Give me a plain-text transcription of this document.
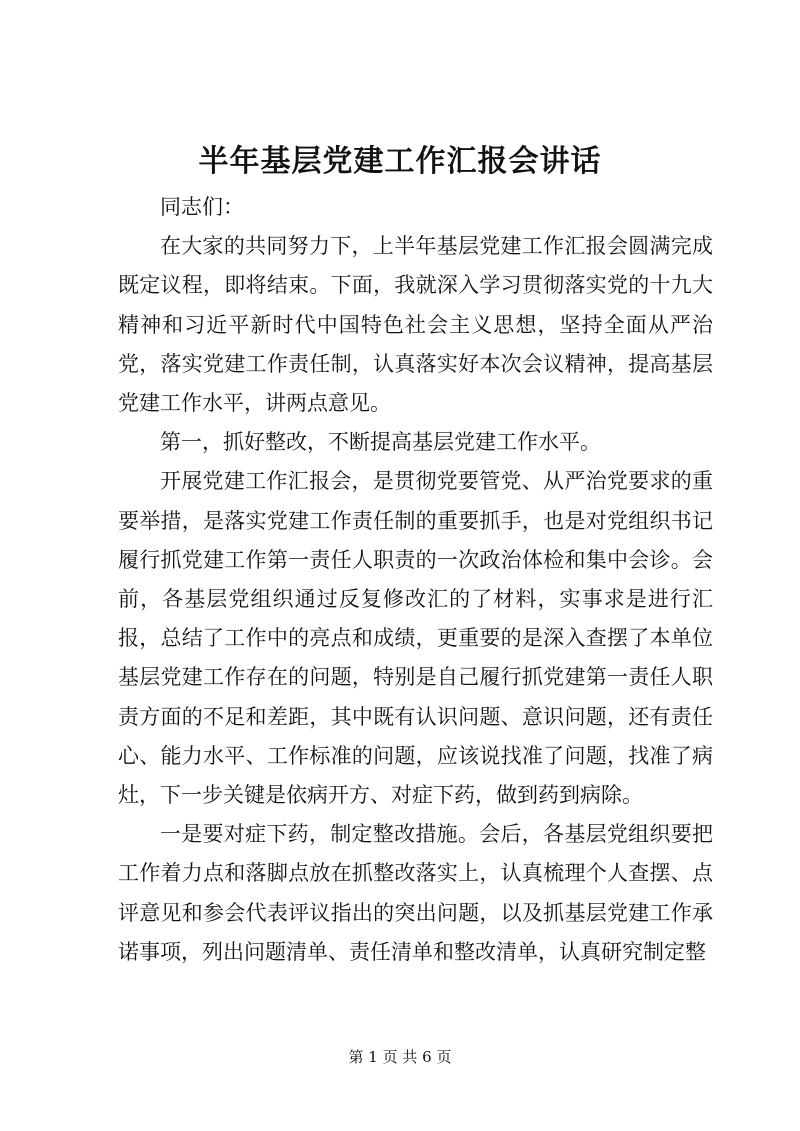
半年基层党建工作汇报会讲话

同志们：

在大家的共同努力下，上半年基层党建工作汇报会圆满完成既定议程，即将结束。下面，我就深入学习贯彻落实党的十九大精神和习近平新时代中国特色社会主义思想，坚持全面从严治党，落实党建工作责任制，认真落实好本次会议精神，提高基层党建工作水平，讲两点意见。

第一，抓好整改，不断提高基层党建工作水平。

开展党建工作汇报会，是贯彻党要管党、从严治党要求的重要举措，是落实党建工作责任制的重要抓手，也是对党组织书记履行抓党建工作第一责任人职责的一次政治体检和集中会诊。会前，各基层党组织通过反复修改汇的了材料，实事求是进行汇报，总结了工作中的亮点和成绩，更重要的是深入查摆了本单位基层党建工作存在的问题，特别是自己履行抓党建第一责任人职责方面的不足和差距，其中既有认识问题、意识问题，还有责任心、能力水平、工作标准的问题，应该说找准了问题，找准了病灶，下一步关键是依病开方、对症下药，做到药到病除。

一是要对症下药，制定整改措施。会后，各基层党组织要把工作着力点和落脚点放在抓整改落实上，认真梳理个人查摆、点评意见和参会代表评议指出的突出问题，以及抓基层党建工作承诺事项，列出问题清单、责任清单和整改清单，认真研究制定整

第 1 页 共 6 页
